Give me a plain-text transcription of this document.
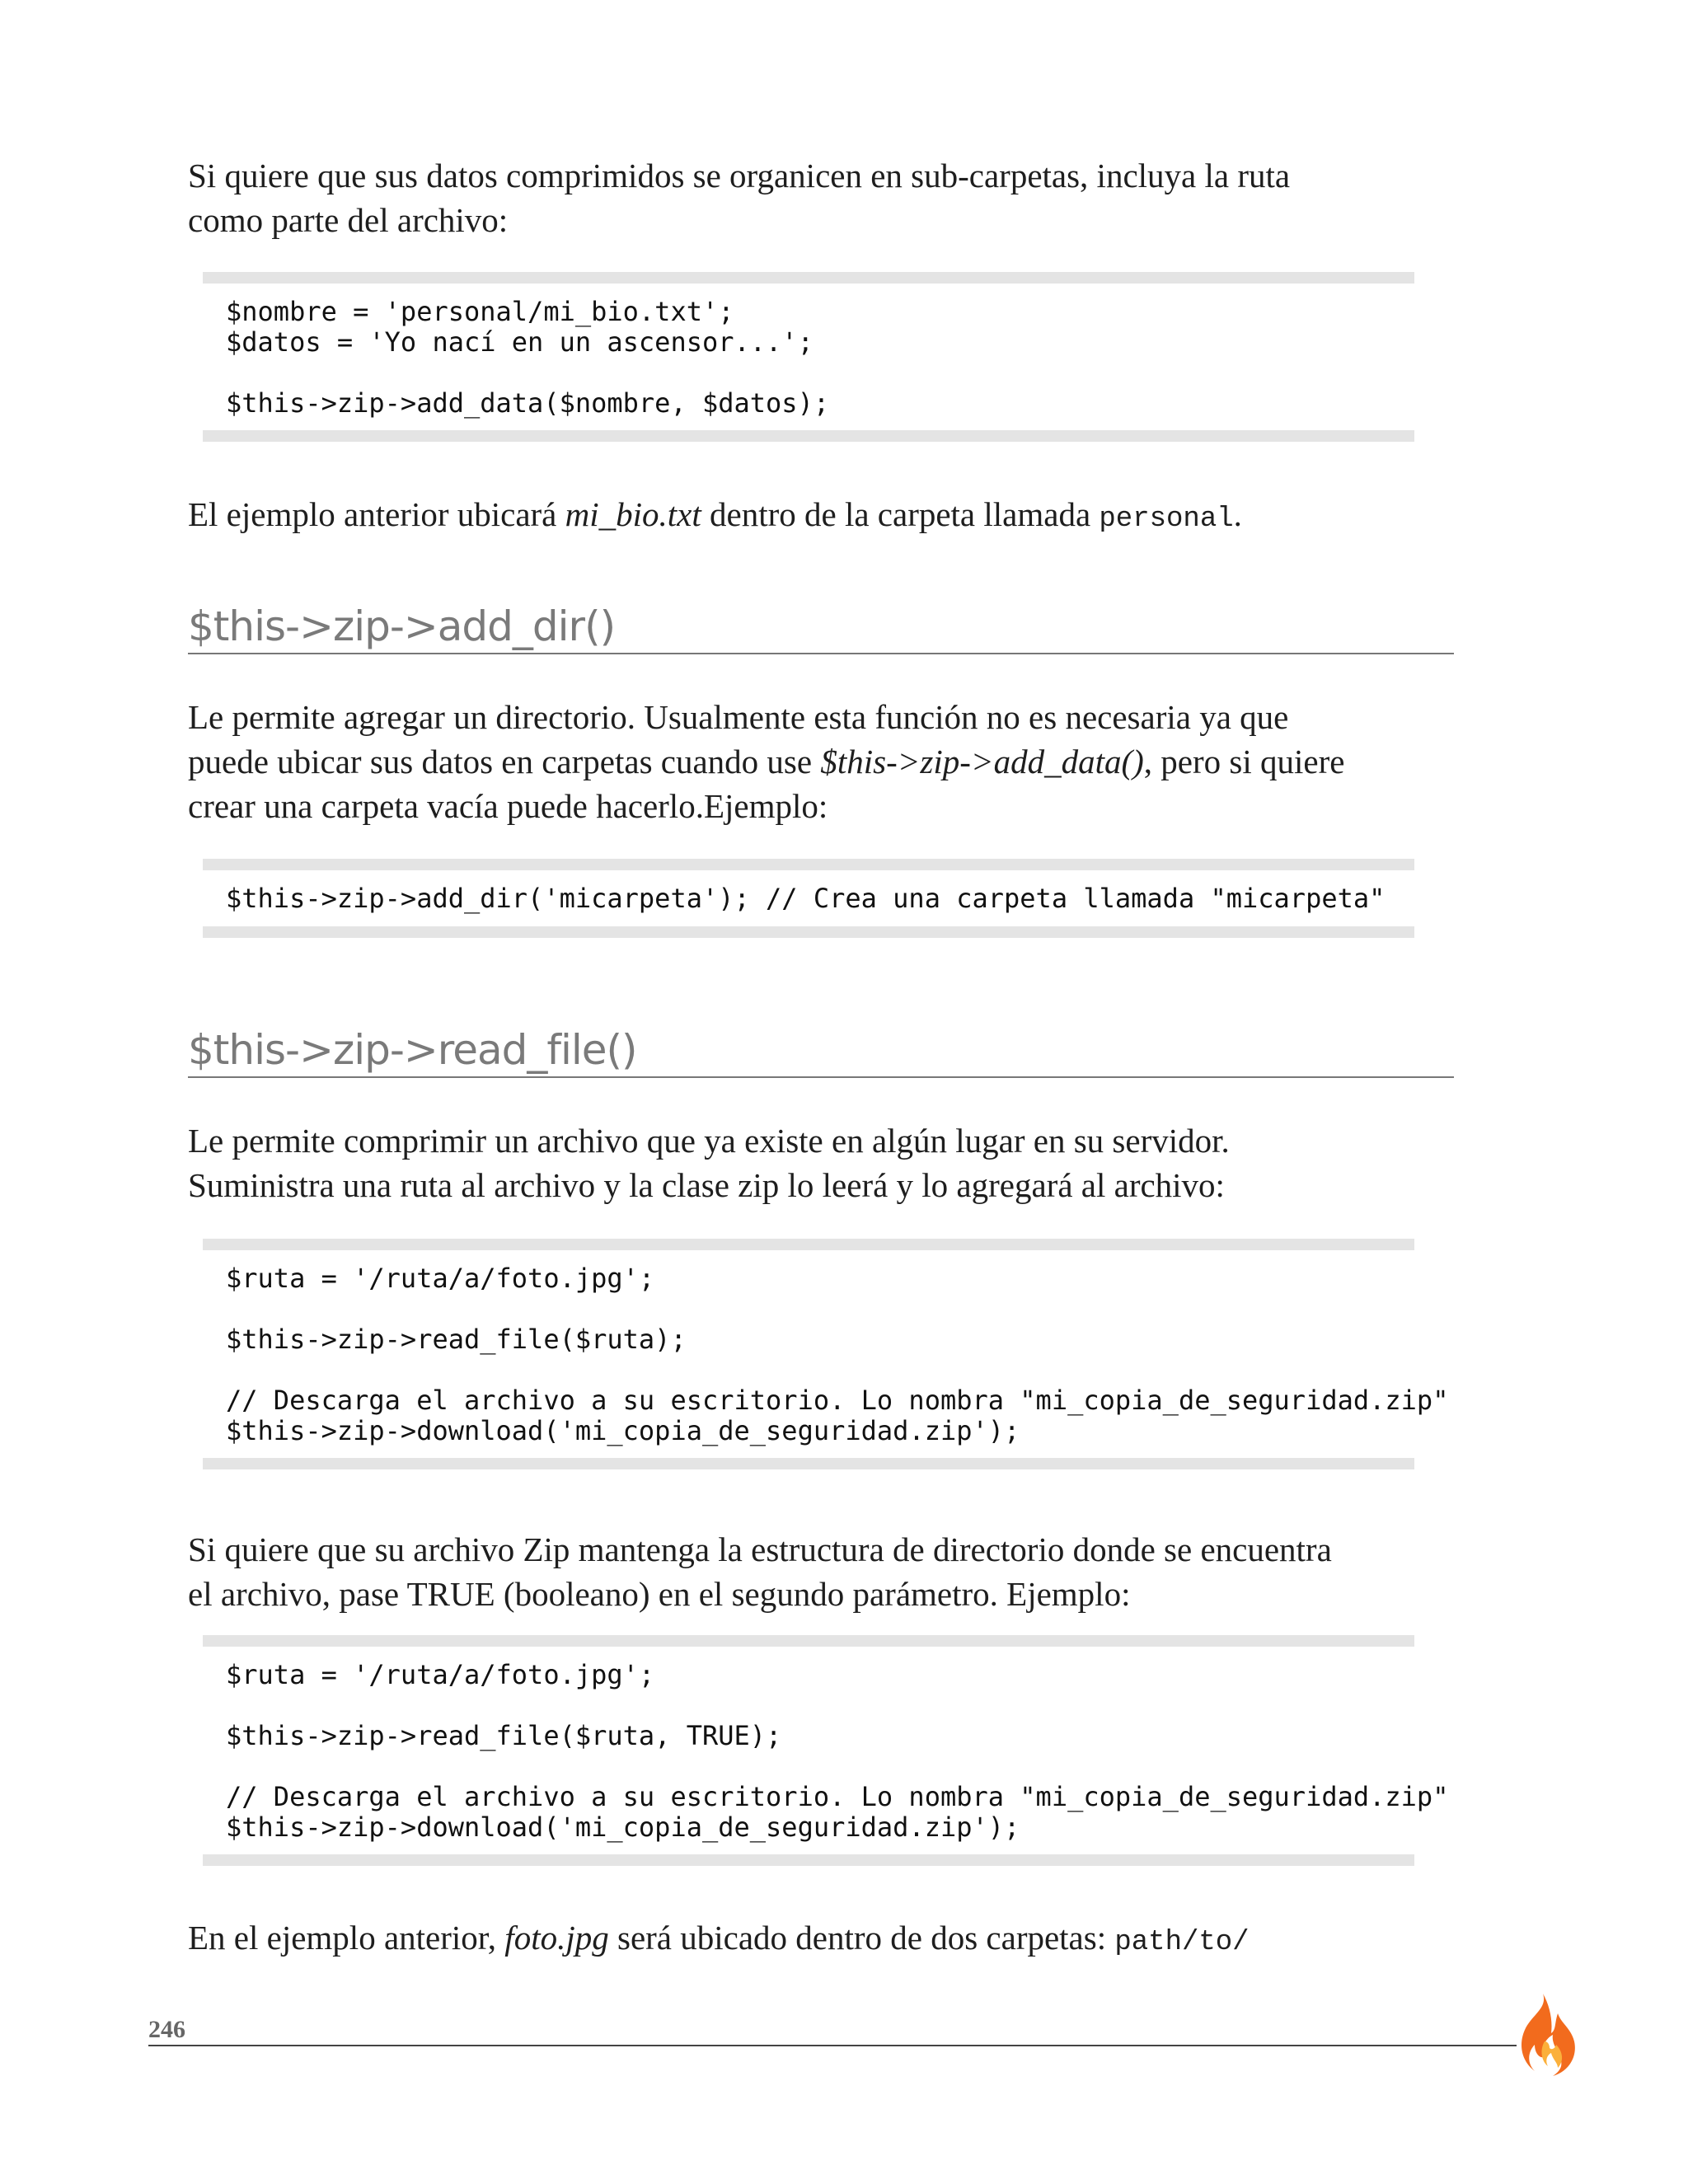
Si quiere que sus datos comprimidos se organicen en sub-carpetas, incluya la ruta
como parte del archivo:

$nombre = 'personal/mi_bio.txt';
$datos = 'Yo nací en un ascensor...';

$this->zip->add_data($nombre, $datos);

El ejemplo anterior ubicará mi_bio.txt dentro de la carpeta llamada personal.

$this->zip->add_dir()

Le permite agregar un directorio. Usualmente esta función no es necesaria ya que
puede ubicar sus datos en carpetas cuando use $this->zip->add_data(), pero si quiere
crear una carpeta vacía puede hacerlo.Ejemplo:

$this->zip->add_dir('micarpeta'); // Crea una carpeta llamada "micarpeta"
$this->zip->read_file()

Le permite comprimir un archivo que ya existe en algún lugar en su servidor.
Suministra una ruta al archivo y la clase zip lo leerá y lo agregará al archivo:

$ruta = '/ruta/a/foto.jpg';

$this->zip->read_file($ruta);

// Descarga el archivo a su escritorio. Lo nombra "mi_copia_de_seguridad.zip"
$this->zip->download('mi_copia_de_seguridad.zip');

Si quiere que su archivo Zip mantenga la estructura de directorio donde se encuentra
el archivo, pase TRUE (booleano) en el segundo parámetro. Ejemplo:

$ruta = '/ruta/a/foto.jpg';

$this->zip->read_file($ruta, TRUE);

// Descarga el archivo a su escritorio. Lo nombra "mi_copia_de_seguridad.zip"
$this->zip->download('mi_copia_de_seguridad.zip');

En el ejemplo anterior, foto.jpg será ubicado dentro de dos carpetas: path/to/

246
